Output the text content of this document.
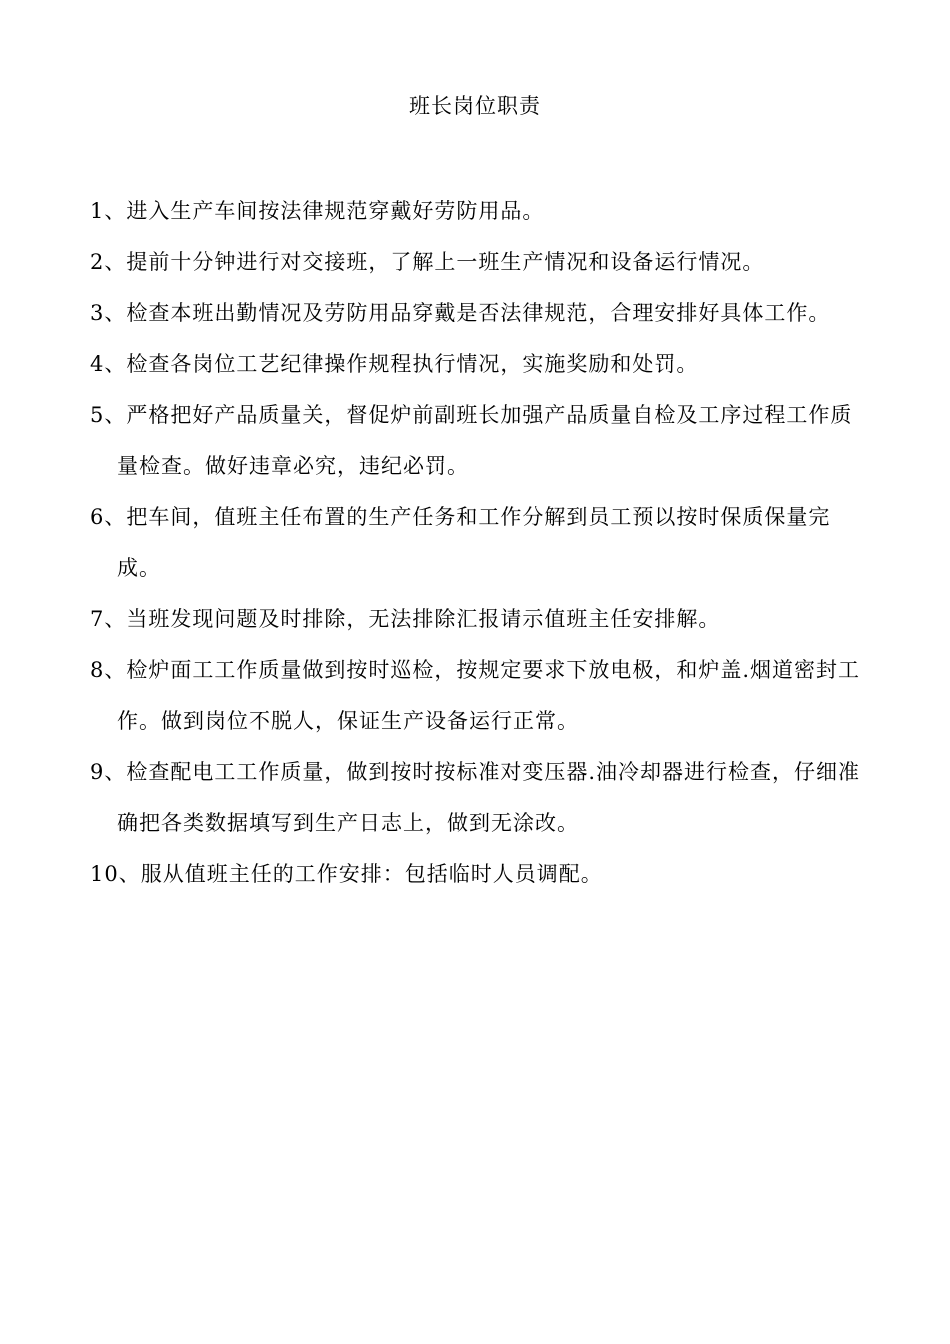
班长岗位职责
1、进入生产车间按法律规范穿戴好劳防用品。
2、提前十分钟进行对交接班，了解上一班生产情况和设备运行情况。
3、检查本班出勤情况及劳防用品穿戴是否法律规范，合理安排好具体工作。
4、检查各岗位工艺纪律操作规程执行情况，实施奖励和处罚。
5、严格把好产品质量关，督促炉前副班长加强产品质量自检及工序过程工作质量检查。做好违章必究，违纪必罚。
6、把车间，值班主任布置的生产任务和工作分解到员工预以按时保质保量完成。
7、当班发现问题及时排除，无法排除汇报请示值班主任安排解。
8、检炉面工工作质量做到按时巡检，按规定要求下放电极，和炉盖.烟道密封工作。做到岗位不脱人，保证生产设备运行正常。
9、检查配电工工作质量，做到按时按标准对变压器.油冷却器进行检查，仔细准确把各类数据填写到生产日志上，做到无涂改。
10、服从值班主任的工作安排：包括临时人员调配。
